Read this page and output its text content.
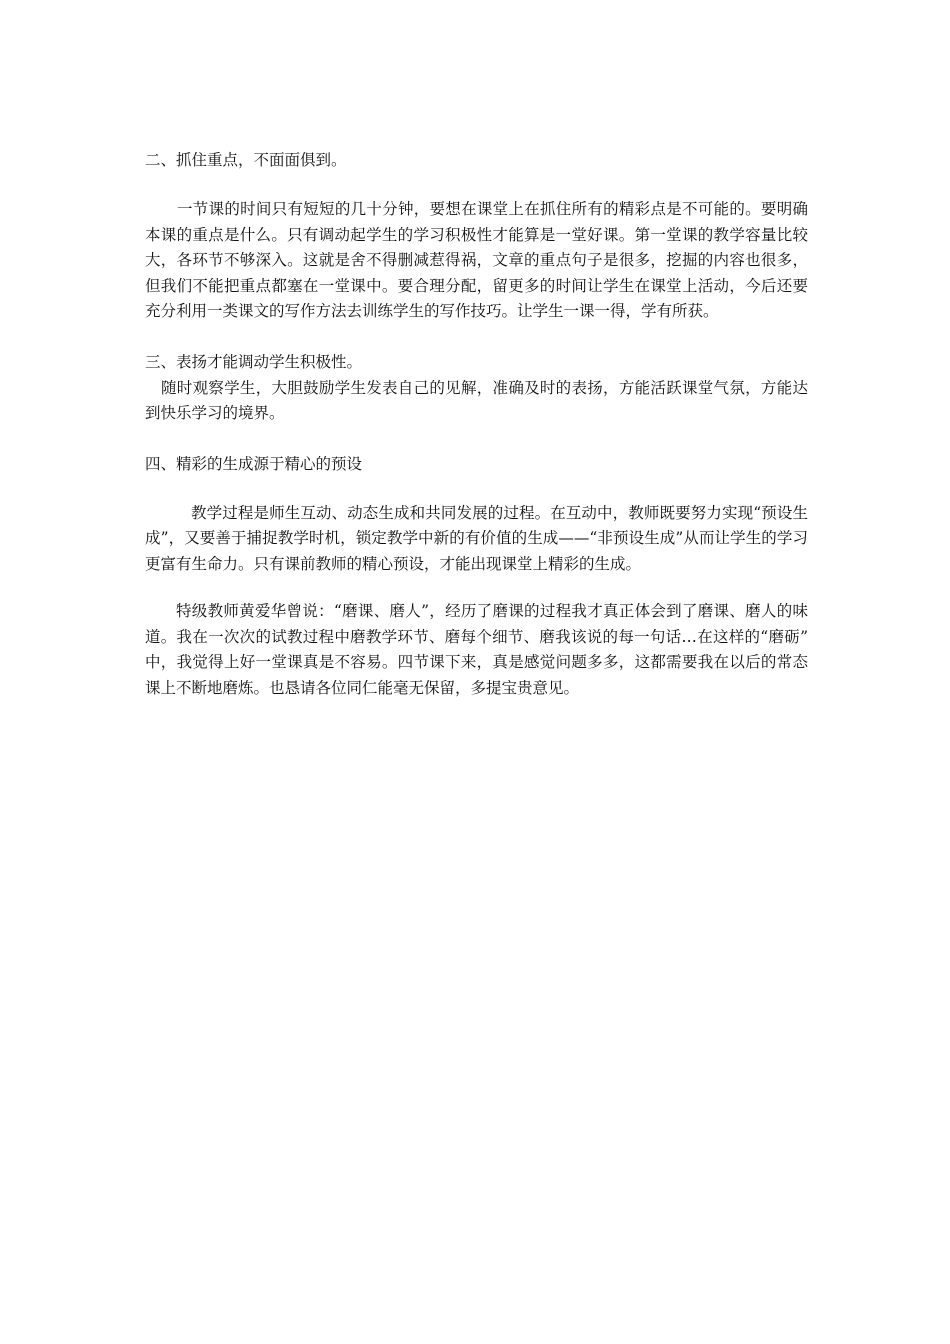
二、抓住重点，不面面俱到。

一节课的时间只有短短的几十分钟，要想在课堂上在抓住所有的精彩点是不可能的。要明确本课的重点是什么。只有调动起学生的学习积极性才能算是一堂好课。第一堂课的教学容量比较大，各环节不够深入。这就是舍不得删减惹得祸，文章的重点句子是很多，挖掘的内容也很多，但我们不能把重点都塞在一堂课中。要合理分配，留更多的时间让学生在课堂上活动，今后还要充分利用一类课文的写作方法去训练学生的写作技巧。让学生一课一得，学有所获。

三、表扬才能调动学生积极性。

随时观察学生，大胆鼓励学生发表自己的见解，准确及时的表扬，方能活跃课堂气氛，方能达到快乐学习的境界。

四、精彩的生成源于精心的预设

教学过程是师生互动、动态生成和共同发展的过程。在互动中，教师既要努力实现“预设生成”，又要善于捕捉教学时机，锁定教学中新的有价值的生成——“非预设生成”从而让学生的学习更富有生命力。只有课前教师的精心预设，才能出现课堂上精彩的生成。

特级教师黄爱华曾说：“磨课、磨人”，经历了磨课的过程我才真正体会到了磨课、磨人的味道。我在一次次的试教过程中磨教学环节、磨每个细节、磨我该说的每一句话…在这样的“磨砺” 中，我觉得上好一堂课真是不容易。四节课下来，真是感觉问题多多，这都需要我在以后的常态课上不断地磨炼。也恳请各位同仁能毫无保留，多提宝贵意见。
